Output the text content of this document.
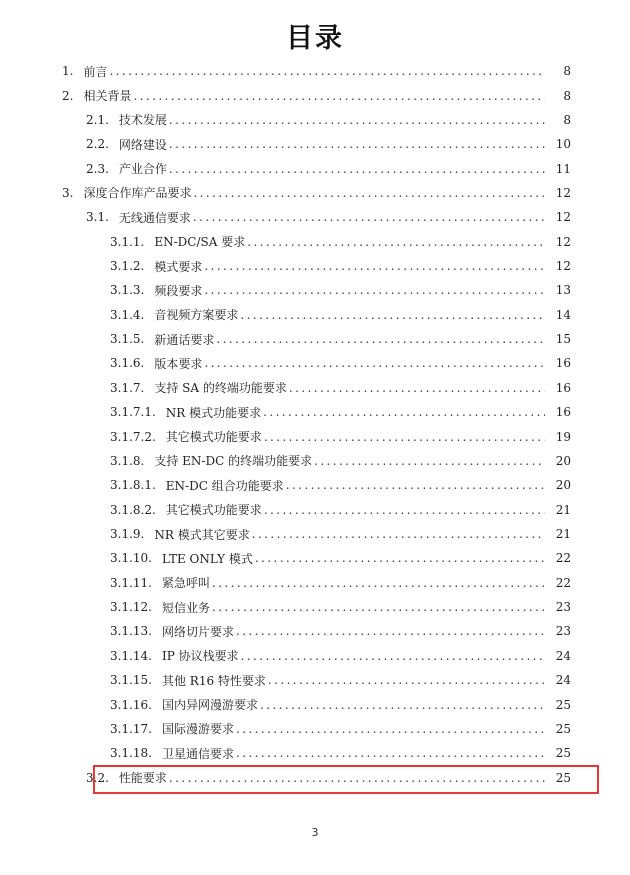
目录
1. 前言 .....	8
2. 相关背景 .....	8
2.1. 技术发展 .....	8
2.2. 网络建设 .....	10
2.3. 产业合作 .....	11
3. 深度合作库产品要求 .....	12
3.1. 无线通信要求 .....	12
3.1.1. EN-DC/SA 要求 .....	12
3.1.2. 模式要求 .....	12
3.1.3. 频段要求 .....	13
3.1.4. 音视频方案要求 .....	14
3.1.5. 新通话要求 .....	15
3.1.6. 版本要求 .....	16
3.1.7. 支持 SA 的终端功能要求 .....	16
3.1.7.1. NR 模式功能要求 .....	16
3.1.7.2. 其它模式功能要求 .....	19
3.1.8. 支持 EN-DC 的终端功能要求 .....	20
3.1.8.1. EN-DC 组合功能要求 .....	20
3.1.8.2. 其它模式功能要求 .....	21
3.1.9. NR 模式其它要求 .....	21
3.1.10. LTE ONLY 模式 .....	22
3.1.11. 紧急呼叫 .....	22
3.1.12. 短信业务 .....	23
3.1.13. 网络切片要求 .....	23
3.1.14. IP 协议栈要求 .....	24
3.1.15. 其他 R16 特性要求 .....	24
3.1.16. 国内异网漫游要求 .....	25
3.1.17. 国际漫游要求 .....	25
3.1.18. 卫星通信要求 .....	25
3.2. 性能要求 .....	25
3
